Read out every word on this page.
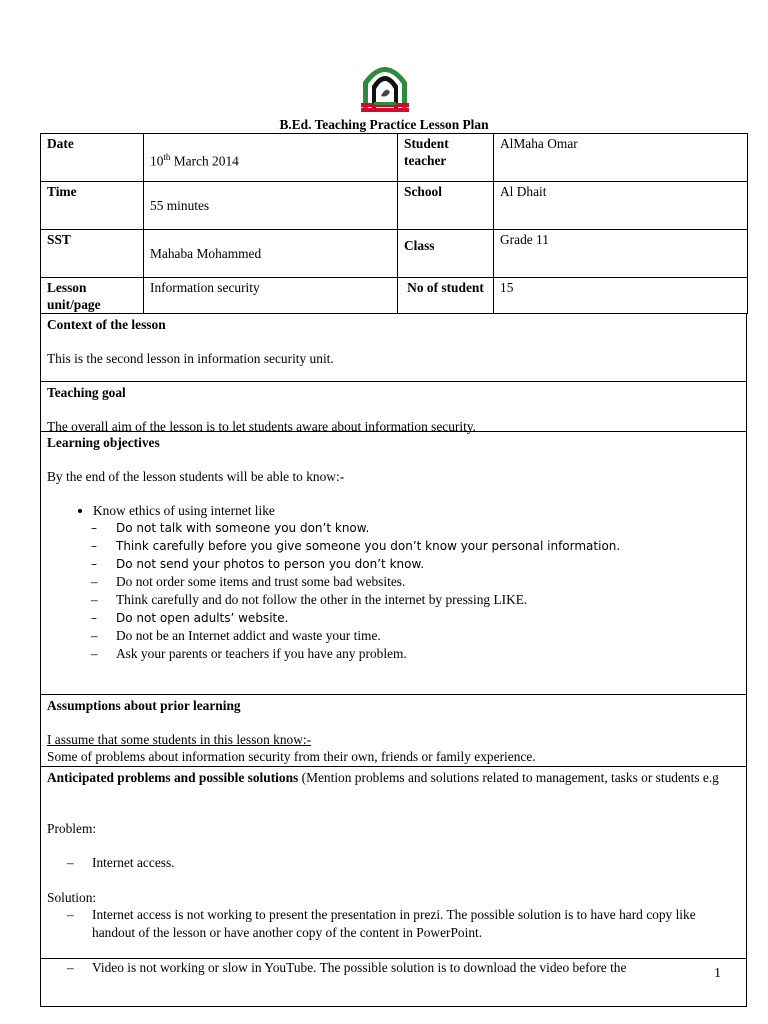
B.Ed. Teaching Practice Lesson Plan
Date	10th March 2014	Student teacher	AlMaha Omar
Time	55 minutes	School	Al Dhait
SST	Mahaba Mohammed	Class	Grade 11
Lesson unit/page	Information security	No of student	15

Context of the lesson

This is the second lesson in information security unit.

Teaching goal

The overall aim of the lesson is to let students aware about information security.

Learning objectives

By the end of the lesson students will be able to know:-

• Know ethics of using internet like
– Do not talk with someone you don’t know.
– Think carefully before you give someone you don’t know your personal information.
– Do not send your photos to person you don’t know.
– Do not order some items and trust some bad websites.
– Think carefully and do not follow the other in the internet by pressing LIKE.
– Do not open adults’ website.
– Do not be an Internet addict and waste your time.
– Ask your parents or teachers if you have any problem.

Assumptions about prior learning

I assume that some students in this lesson know:-

Some of problems about information security from their own, friends or family experience.

Anticipated problems and possible solutions (Mention problems and solutions related to management, tasks or students e.g

Problem:

– Internet access.

Solution:

– Internet access is not working to present the presentation in prezi. The possible solution is to have hard copy like handout of the lesson or have another copy of the content in PowerPoint.
– Video is not working or slow in YouTube. The possible solution is to download the video before the	1
